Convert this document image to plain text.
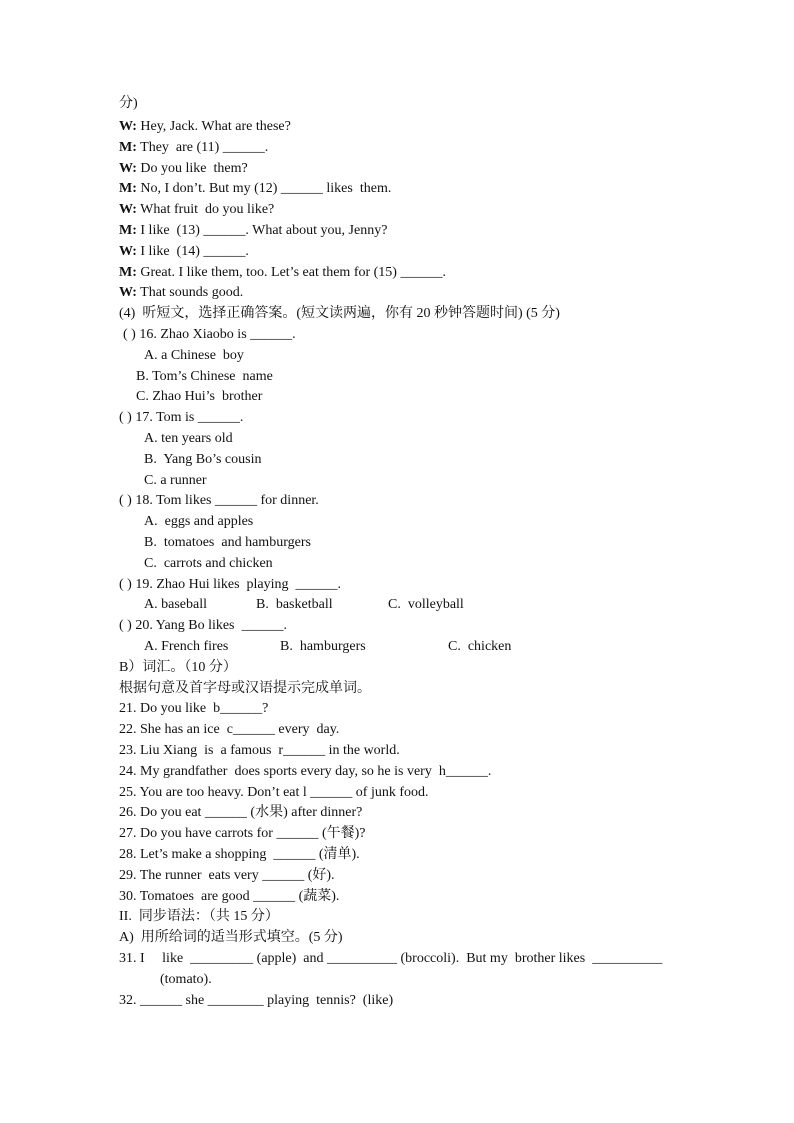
分)
W: Hey, Jack. What are these?
M: They  are (11) ______.
W: Do you like  them?
M: No, I don’t. But my (12) ______ likes  them.
W: What fruit  do you like?
M: I like  (13) ______. What about you, Jenny?
W: I like  (14) ______.
M: Great. I like them, too. Let’s eat them for (15) ______.
W: That sounds good.
(4)  听短文，选择正确答案。(短文读两遍，你有 20 秒钟答题时间) (5 分)
( ) 16. Zhao Xiaobo is ______.
A. a Chinese  boy
B. Tom’s Chinese  name
C. Zhao Hui’s  brother
( ) 17. Tom is ______.
A. ten years old
B.  Yang Bo’s cousin
C. a runner
( ) 18. Tom likes ______ for dinner.
A.  eggs and apples
B.  tomatoes  and hamburgers
C.  carrots and chicken
( ) 19. Zhao Hui likes  playing  ______.
A. baseball	B.  basketball	C.  volleyball
( ) 20. Yang Bo likes  ______.
A. French fires	B.  hamburgers	C.  chicken
B）词汇。（10 分）
根据句意及首字母或汉语提示完成单词。
21. Do you like  b______?
22. She has an ice  c______ every  day.
23. Liu Xiang  is  a famous  r______ in the world.
24. My grandfather  does sports every day, so he is very  h______.
25. You are too heavy. Don’t eat l ______ of junk food.
26. Do you eat ______ (水果) after dinner?
27. Do you have carrots for ______ (午餐)?
28. Let’s make a shopping  ______ (清单).
29. The runner  eats very ______ (好).
30. Tomatoes  are good ______ (蔬菜).
II.  同步语法：（共 15 分）
A)  用所给词的适当形式填空。(5 分)
31. I     like  _________ (apple)  and __________ (broccoli).  But my  brother likes  __________
(tomato).
32. ______ she ________ playing  tennis?  (like)
